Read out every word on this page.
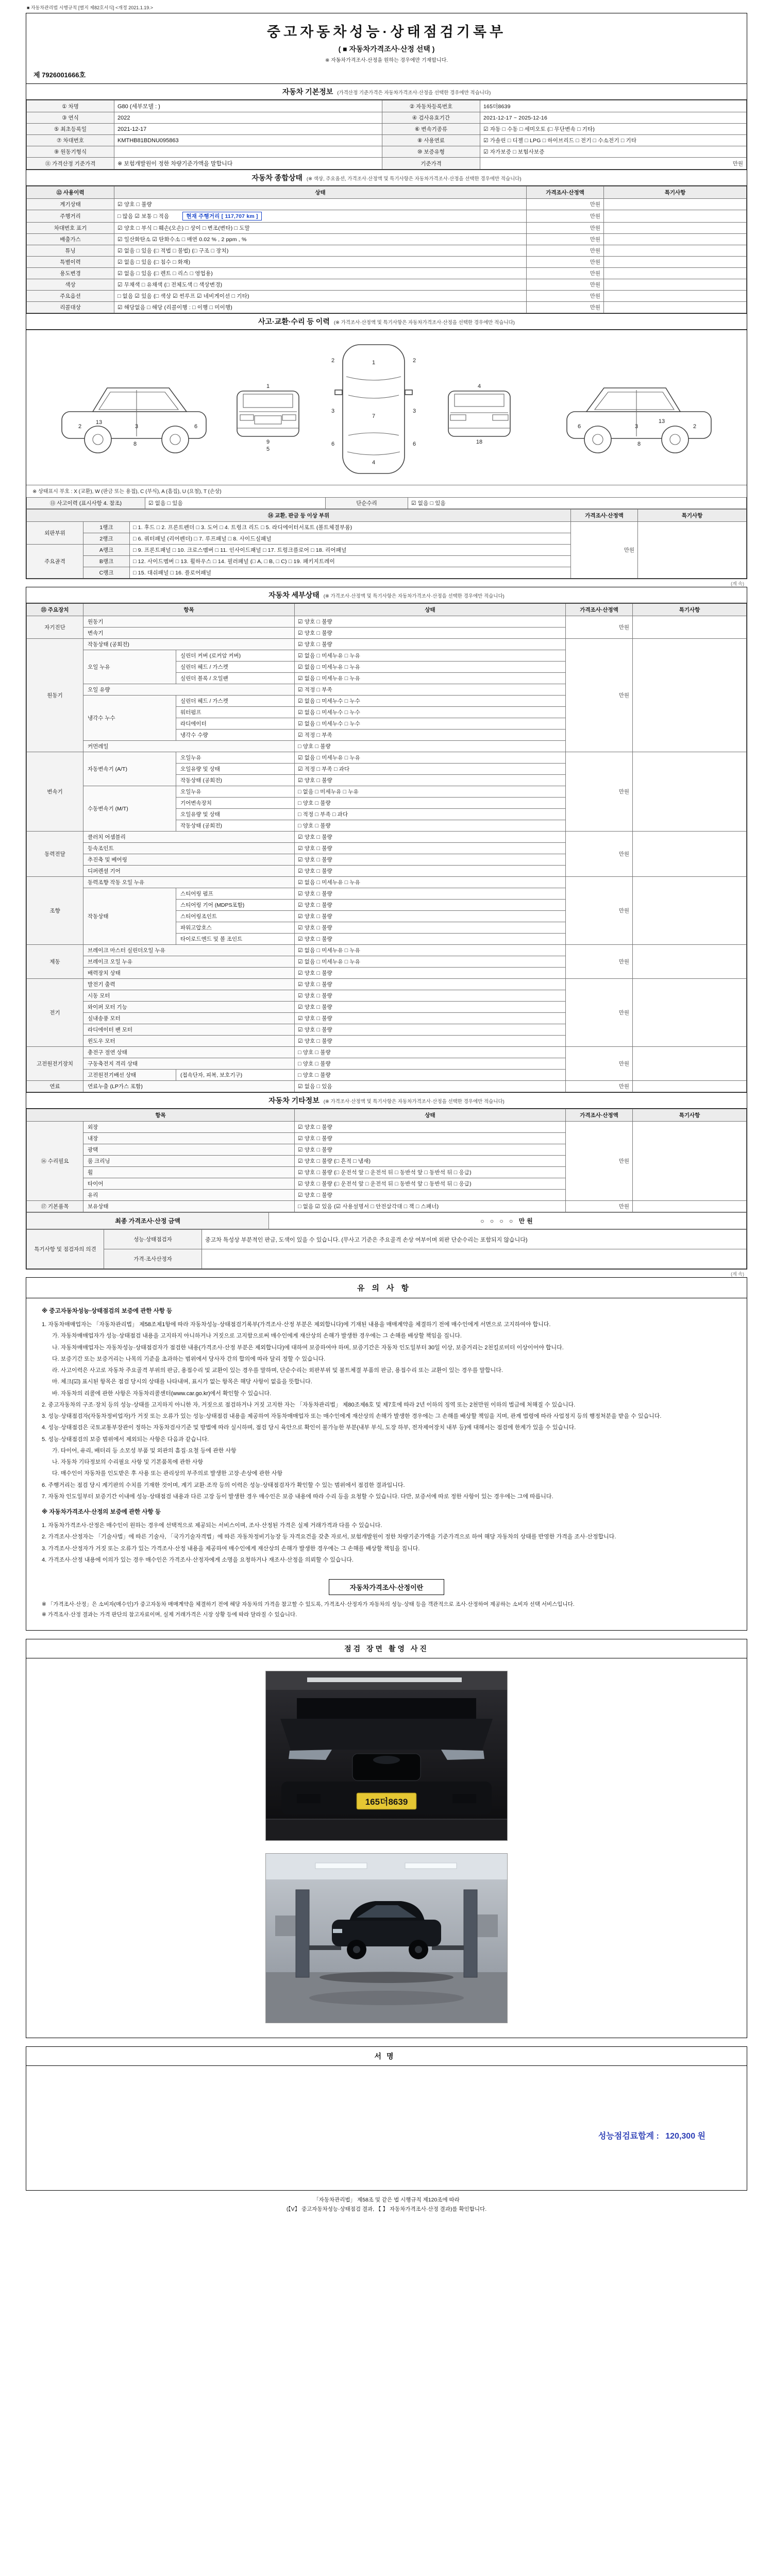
■ 자동차관리법 시행규칙 [별지 제82호서식] <개정 2021.1.19.>
중고자동차성능·상태점검기록부
( ■ 자동차가격조사·산정 선택 )
※ 자동차가격조사·산정을 원하는 경우에만 기재합니다.
제 7926001666호
자동차 기본정보 (가격산정 기준가격은 자동차가격조사·산정을 선택한 경우에만 적습니다)
① 차명	G80 (세부모델 : )	② 자동차등록번호	165더8639
③ 연식	2022	④ 검사유효기간	2021-12-17 ~ 2025-12-16
⑤ 최초등록일	2021-12-17	⑥ 변속기종류	☑ 자동 □ 수동 □ 세미오토 (□ 무단변속 □ 기타)
⑦ 차대번호	KMTHB81BDNU095863	⑧ 사용연료	☑ 가솔린 □ 디젤 □ LPG □ 하이브리드 □ 전기 □ 수소전기 □ 기타
⑨ 원동기형식		⑩ 보증유형	☑ 자가보증 □ 보험사보증
⑪ 가격산정 기준가격	※ 보험개발원이 정한 차량기준가액을 말합니다	기준가격	만원
자동차 종합상태 (※ 색상, 주요옵션, 가격조사·산정액 및 특기사항은 자동차가격조사·산정을 선택한 경우에만 적습니다)
⑫ 사용이력	상태	가격조사·산정액	특기사항
계기상태	☑ 양호 □ 불량	만원	
주행거리	□ 많음 ☑ 보통 □ 적음 현재 주행거리 [ 117,707 km ]	만원	
차대번호 표기	☑ 양호 □ 부식 □ 훼손(오손) □ 상이 □ 변조(변타) □ 도말	만원	
배출가스	☑ 일산화탄소 ☑ 탄화수소 □ 매연 0.02 % , 2 ppm , %	만원	
튜닝	☑ 없음 □ 있음 (□ 적법 □ 불법) (□ 구조 □ 장치)	만원	
특별이력	☑ 없음 □ 있음 (□ 침수 □ 화재)	만원	
용도변경	☑ 없음 □ 있음 (□ 렌트 □ 리스 □ 영업용)	만원	
색상	☑ 무채색 □ 유채색 (□ 전체도색 □ 색상변경)	만원	
주요옵션	□ 없음 ☑ 있음 (□ 색상 ☑ 썬루프 ☑ 네비게이션 □ 기타)	만원	
리콜대상	☑ 해당없음 □ 해당 (리콜이행 : □ 이행 □ 미이행)	만원	
사고·교환·수리 등 이력 (※ 가격조사·산정액 및 특기사항은 자동차가격조사·산정을 선택한 경우에만 적습니다)
2	3	6
8
13
1
9
5
1
7
4
2	2
3	3
6	6
4
18
2
3
6
8
13
※ 상태표시 부호 : X (교환), W (판금 또는 용접), C (부식), A (흠집), U (요철), T (손상)
⑬ 사고이력 (표시사항 4. 참조)	☑ 없음 □ 있음	단순수리	☑ 없음 □ 있음
⑭ 교환, 판금 등 이상 부위			가격조사·산정액	특기사항
외판부위	1랭크	□ 1. 후드 □ 2. 프론트펜더 □ 3. 도어 □ 4. 트렁크 리드 □ 5. 라디에이터서포트 (볼트체결부품)	만원	
	2랭크	□ 6. 쿼터패널 (리어펜더) □ 7. 루프패널 □ 8. 사이드실패널		
주요골격	A랭크	□ 9. 프론트패널 □ 10. 크로스멤버 □ 11. 인사이드패널 □ 17. 트렁크플로어 □ 18. 리어패널		
	B랭크	□ 12. 사이드멤버 □ 13. 휠하우스 □ 14. 필러패널 (□ A, □ B, □ C) □ 19. 패키지트레이		
	C랭크	□ 15. 대쉬패널 □ 16. 플로어패널		
(계 속)
자동차 세부상태 (※ 가격조사·산정액 및 특기사항은 자동차가격조사·산정을 선택한 경우에만 적습니다)
⑮ 주요장치	항목		상태	가격조사·산정액	특기사항
자기진단	원동기		☑ 양호 □ 불량	만원	
	변속기		☑ 양호 □ 불량		
원동기	작동상태 (공회전)		☑ 양호 □ 불량	만원	
	오일 누유	실린더 커버 (로커암 커버)	☑ 없음 □ 미세누유 □ 누유		
		실린더 헤드 / 가스켓	☑ 없음 □ 미세누유 □ 누유		
		실린더 블록 / 오일팬	☑ 없음 □ 미세누유 □ 누유		
	오일 유량		☑ 적정 □ 부족		
	냉각수 누수	실린더 헤드 / 가스켓	☑ 없음 □ 미세누수 □ 누수		
		워터펌프	☑ 없음 □ 미세누수 □ 누수		
		라디에이터	☑ 없음 □ 미세누수 □ 누수		
		냉각수 수량	☑ 적정 □ 부족		
	커먼레일		□ 양호 □ 불량		
변속기	자동변속기 (A/T)	오일누유	☑ 없음 □ 미세누유 □ 누유	만원	
		오일유량 및 상태	☑ 적정 □ 부족 □ 과다		
		작동상태 (공회전)	☑ 양호 □ 불량		
	수동변속기 (M/T)	오일누유	□ 없음 □ 미세누유 □ 누유		
		기어변속장치	□ 양호 □ 불량		
		오일유량 및 상태	□ 적정 □ 부족 □ 과다		
		작동상태 (공회전)	□ 양호 □ 불량		
동력전달	클러치 어셈블리		☑ 양호 □ 불량	만원	
	등속조인트		☑ 양호 □ 불량		
	추진축 및 베어링		☑ 양호 □ 불량		
	디퍼렌셜 기어		☑ 양호 □ 불량		
조향	동력조향 작동 오일 누유		☑ 없음 □ 미세누유 □ 누유	만원	
	작동상태	스티어링 펌프	☑ 양호 □ 불량		
		스티어링 기어 (MDPS포함)	☑ 양호 □ 불량		
		스티어링조인트	☑ 양호 □ 불량		
		파워고압호스	☑ 양호 □ 불량		
		타이로드엔드 및 볼 조인트	☑ 양호 □ 불량		
제동	브레이크 마스터 실린더오일 누유		☑ 없음 □ 미세누유 □ 누유	만원	
	브레이크 오일 누유		☑ 없음 □ 미세누유 □ 누유		
	배력장치 상태		☑ 양호 □ 불량		
전기	발전기 출력		☑ 양호 □ 불량	만원	
	시동 모터		☑ 양호 □ 불량		
	와이퍼 모터 기능		☑ 양호 □ 불량		
	실내송풍 모터		☑ 양호 □ 불량		
	라디에이터 팬 모터		☑ 양호 □ 불량		
	윈도우 모터		☑ 양호 □ 불량		
고전원전기장치	충전구 절연 상태		□ 양호 □ 불량	만원	
	구동축전지 격리 상태		□ 양호 □ 불량		
	고전원전기배선 상태	(접속단자, 피복, 보호기구)	□ 양호 □ 불량		
연료	연료누출 (LP가스 포함)		☑ 없음 □ 있음	만원	
자동차 기타정보 (※ 가격조사·산정액 및 특기사항은 자동차가격조사·산정을 선택한 경우에만 적습니다)
항목		상태	가격조사·산정액	특기사항
⑯ 수리필요	외장	☑ 양호 □ 불량	만원	
	내장	☑ 양호 □ 불량		
	광택	☑ 양호 □ 불량		
	룸 크리닝	☑ 양호 □ 불량 (□ 흔적 □ 냄새)		
	휠	☑ 양호 □ 불량 (□ 운전석 앞 □ 운전석 뒤 □ 동반석 앞 □ 동반석 뒤 □ 응급)		
	타이어	☑ 양호 □ 불량 (□ 운전석 앞 □ 운전석 뒤 □ 동반석 앞 □ 동반석 뒤 □ 응급)		
	유리	☑ 양호 □ 불량		
⑰ 기본품목	보유상태	□ 없음 ☑ 있음 (☑ 사용설명서 □ 안전삼각대 □ 잭 □ 스패너)	만원	
최종 가격조사·산정 금액	○ ○ ○ ○ 만원
특기사항 및 점검자의 의견	성능·상태점검자	중고차 특성상 부분적인 판금, 도색이 있을 수 있습니다. (무사고 기준은 주요골격 손상 여부이며 외판 단순수리는 포함되지 않습니다)
	가격·조사산정자	
(계 속)
유의사항

※ 중고자동차성능·상태점검의 보증에 관한 사항 등

1. 자동차매매업자는 「자동차관리법」 제58조제1항에 따라 자동차성능·상태점검기록부(가격조사·산정 부분은 제외합니다)에 기재된 내용을 매매계약을 체결하기 전에 매수인에게 서면으로 고지하여야 합니다.

가. 자동차매매업자가 성능·상태점검 내용을 고지하지 아니하거나 거짓으로 고지함으로써 매수인에게 재산상의 손해가 발생한 경우에는 그 손해를 배상할 책임을 집니다.

나. 자동차매매업자는 자동차성능·상태점검자가 점검한 내용(가격조사·산정 부분은 제외합니다)에 대하여 보증하여야 하며, 보증기간은 자동차 인도일부터 30일 이상, 보증거리는 2천킬로미터 이상이어야 합니다.

다. 보증기간 또는 보증거리는 나목의 기준을 초과하는 범위에서 당사자 간의 합의에 따라 달리 정할 수 있습니다.

라. 사고이력은 사고로 자동차 주요골격 부위의 판금, 용접수리 및 교환이 있는 경우를 말하며, 단순수리는 외판부위 및 볼트체결 부품의 판금, 용접수리 또는 교환이 있는 경우를 말합니다.

마. 체크(☑) 표시된 항목은 점검 당시의 상태를 나타내며, 표시가 없는 항목은 해당 사항이 없음을 뜻합니다.

바. 자동차의 리콜에 관한 사항은 자동차리콜센터(www.car.go.kr)에서 확인할 수 있습니다.

2. 중고자동차의 구조·장치 등의 성능·상태를 고지하지 아니한 자, 거짓으로 점검하거나 거짓 고지한 자는 「자동차관리법」 제80조제6호 및 제7호에 따라 2년 이하의 징역 또는 2천만원 이하의 벌금에 처해질 수 있습니다.

3. 성능·상태점검자(자동차정비업자)가 거짓 또는 오류가 있는 성능·상태점검 내용을 제공하여 자동차매매업자 또는 매수인에게 재산상의 손해가 발생한 경우에는 그 손해를 배상할 책임을 지며, 관계 법령에 따라 사업정지 등의 행정처분을 받을 수 있습니다.

4. 성능·상태점검은 국토교통부장관이 정하는 자동차검사기준 및 방법에 따라 실시하며, 점검 당시 육안으로 확인이 불가능한 부분(내부 부식, 도장 하부, 전자제어장치 내부 등)에 대해서는 점검에 한계가 있을 수 있습니다.

5. 성능·상태점검의 보증 범위에서 제외되는 사항은 다음과 같습니다.

가. 타이어, 유리, 배터리 등 소모성 부품 및 외관의 흠집·요철 등에 관한 사항

나. 자동차 기타정보의 수리필요 사항 및 기본품목에 관한 사항

다. 매수인이 자동차를 인도받은 후 사용 또는 관리상의 부주의로 발생한 고장·손상에 관한 사항

6. 주행거리는 점검 당시 계기판의 수치를 기재한 것이며, 계기 교환·조작 등의 이력은 성능·상태점검자가 확인할 수 있는 범위에서 점검한 결과입니다.

7. 자동차 인도일부터 보증기간 이내에 성능·상태점검 내용과 다른 고장 등이 발생한 경우 매수인은 보증 내용에 따라 수리 등을 요청할 수 있습니다. 다만, 보증서에 따로 정한 사항이 있는 경우에는 그에 따릅니다.

※ 자동차가격조사·산정의 보증에 관한 사항 등

1. 자동차가격조사·산정은 매수인이 원하는 경우에 선택적으로 제공되는 서비스이며, 조사·산정된 가격은 실제 거래가격과 다를 수 있습니다.

2. 가격조사·산정자는 「기술사법」에 따른 기술사, 「국가기술자격법」에 따른 자동차정비기능장 등 자격요건을 갖춘 자로서, 보험개발원이 정한 차량기준가액을 기준가격으로 하여 해당 자동차의 상태를 반영한 가격을 조사·산정합니다.

3. 가격조사·산정자가 거짓 또는 오류가 있는 가격조사·산정 내용을 제공하여 매수인에게 재산상의 손해가 발생한 경우에는 그 손해를 배상할 책임을 집니다.

4. 가격조사·산정 내용에 이의가 있는 경우 매수인은 가격조사·산정자에게 소명을 요청하거나 재조사·산정을 의뢰할 수 있습니다.

자동차가격조사·산정이란

※ 「가격조사·산정」은 소비자(매수인)가 중고자동차 매매계약을 체결하기 전에 해당 자동차의 가격을 참고할 수 있도록, 가격조사·산정자가 자동차의 성능·상태 등을 객관적으로 조사·산정하여 제공하는 소비자 선택 서비스입니다.

※ 가격조사·산정 결과는 가격 판단의 참고자료이며, 실제 거래가격은 시장 상황 등에 따라 달라질 수 있습니다.

점검 장면 촬영 사진
165더8639
서명
성능점검료합계 : 120,300 원
「자동차관리법」 제58조 및 같은 법 시행규칙 제120조에 따라
(【V】 중고자동차성능·상태점검 결과, 【 】 자동차가격조사·산정 결과)를 확인합니다.
